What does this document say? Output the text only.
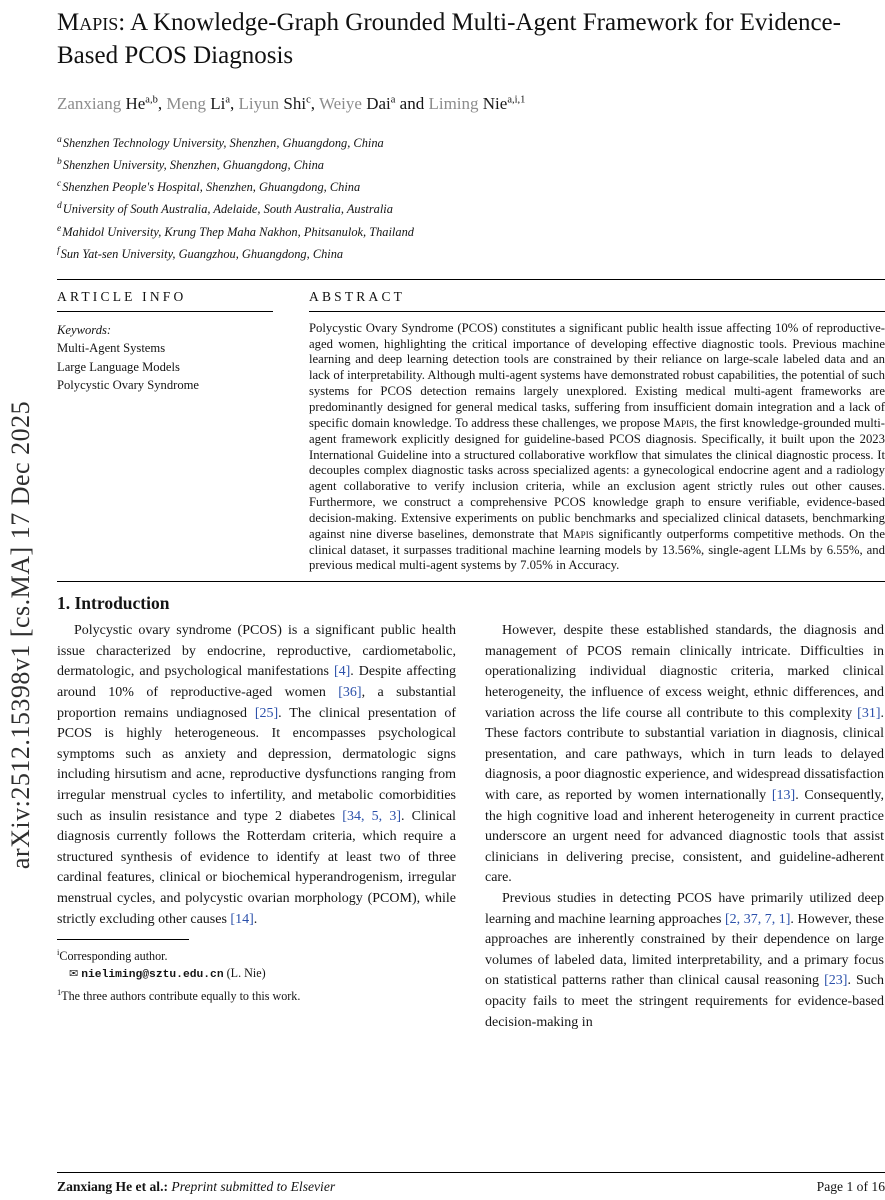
arXiv:2512.15398v1 [cs.MA] 17 Dec 2025
Mapis: A Knowledge-Graph Grounded Multi-Agent Framework for Evidence-Based PCOS Diagnosis
Zanxiang He$^{a,b}$, Meng Li$^a$, Liyun Shi$^c$, Weiye Dai$^a$ and Liming Nie$^{a,i,1}$
$^a$Shenzhen Technology University, Shenzhen, Ghuangdong, China
$^b$Shenzhen University, Shenzhen, Ghuangdong, China
$^c$Shenzhen People's Hospital, Shenzhen, Ghuangdong, China
$^d$University of South Australia, Adelaide, South Australia, Australia
$^e$Mahidol University, Krung Thep Maha Nakhon, Phitsanulok, Thailand
$^f$Sun Yat-sen University, Guangzhou, Ghuangdong, China
ARTICLE INFO
Keywords:
Multi-Agent Systems
Large Language Models
Polycystic Ovary Syndrome
ABSTRACT
Polycystic Ovary Syndrome (PCOS) constitutes a significant public health issue affecting 10% of reproductive-aged women, highlighting the critical importance of developing effective diagnostic tools. Previous machine learning and deep learning detection tools are constrained by their reliance on large-scale labeled data and an lack of interpretability. Although multi-agent systems have demonstrated robust capabilities, the potential of such systems for PCOS detection remains largely unexplored. Existing medical multi-agent frameworks are predominantly designed for general medical tasks, suffering from insufficient domain integration and a lack of specific domain knowledge. To address these challenges, we propose Mapis, the first knowledge-grounded multi-agent framework explicitly designed for guideline-based PCOS diagnosis. Specifically, it built upon the 2023 International Guideline into a structured collaborative workflow that simulates the clinical diagnostic process. It decouples complex diagnostic tasks across specialized agents: a gynecological endocrine agent and a radiology agent collaborative to verify inclusion criteria, while an exclusion agent strictly rules out other causes. Furthermore, we construct a comprehensive PCOS knowledge graph to ensure verifiable, evidence-based decision-making. Extensive experiments on public benchmarks and specialized clinical datasets, benchmarking against nine diverse baselines, demonstrate that Mapis significantly outperforms competitive methods. On the clinical dataset, it surpasses traditional machine learning models by 13.56%, single-agent LLMs by 6.55%, and previous medical multi-agent systems by 7.05% in Accuracy.
1. Introduction

Polycystic ovary syndrome (PCOS) is a significant public health issue characterized by endocrine, reproductive, cardiometabolic, dermatologic, and psychological manifestations [4]. Despite affecting around 10% of reproductive-aged women [36], a substantial proportion remains undiagnosed [25]. The clinical presentation of PCOS is highly heterogeneous. It encompasses psychological symptoms such as anxiety and depression, dermatologic signs including hirsutism and acne, reproductive dysfunctions ranging from irregular menstrual cycles to infertility, and metabolic comorbidities such as insulin resistance and type 2 diabetes [34, 5, 3]. Clinical diagnosis currently follows the Rotterdam criteria, which require a structured synthesis of evidence to identify at least two of three cardinal features, clinical or biochemical hyperandrogenism, irregular menstrual cycles, and polycystic ovarian morphology (PCOM), while strictly excluding other causes [14].

$^i$Corresponding author.
✉ nieliming@sztu.edu.cn (L. Nie)
$^1$The three authors contribute equally to this work.

However, despite these established standards, the diagnosis and management of PCOS remain clinically intricate. Difficulties in operationalizing individual diagnostic criteria, marked clinical heterogeneity, the influence of excess weight, ethnic differences, and variation across the life course all contribute to this complexity [31]. These factors contribute to substantial variation in diagnosis, clinical presentation, and care pathways, which in turn leads to delayed diagnosis, a poor diagnostic experience, and widespread dissatisfaction with care, as reported by women internationally [13]. Consequently, the high cognitive load and inherent heterogeneity in current practice underscore an urgent need for advanced diagnostic tools that assist clinicians in delivering precise, consistent, and guideline-adherent care.

Previous studies in detecting PCOS have primarily utilized deep learning and machine learning approaches [2, 37, 7, 1]. However, these approaches are inherently constrained by their dependence on large volumes of labeled data, limited interpretability, and a primary focus on statistical patterns rather than clinical causal reasoning [23]. Such opacity fails to meet the stringent requirements for evidence-based decision-making in

Zanxiang He et al.: Preprint submitted to Elsevier	Page 1 of 16
